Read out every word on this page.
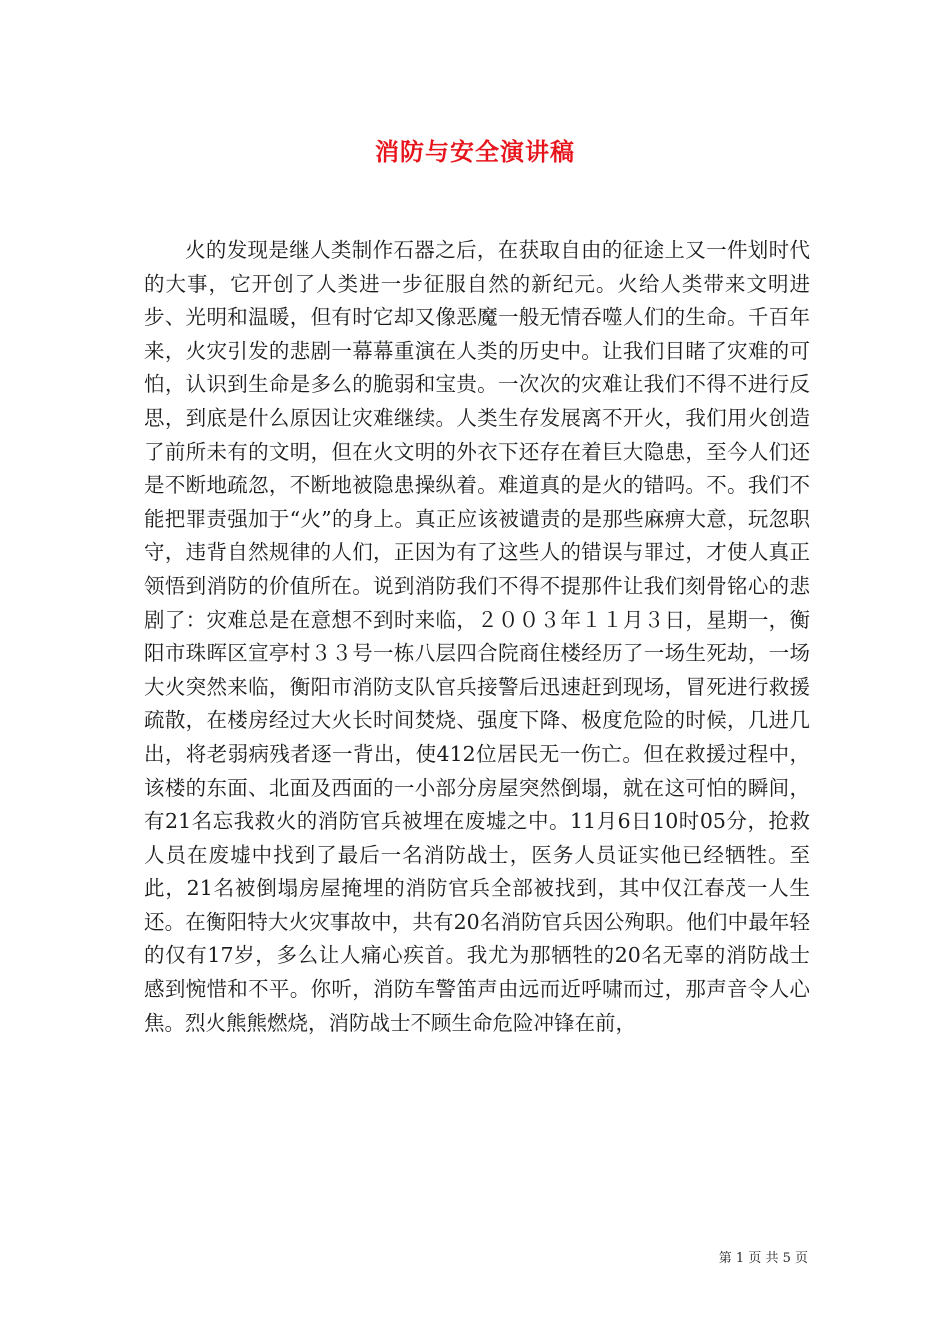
消防与安全演讲稿

火的发现是继人类制作石器之后，在获取自由的征途上又一件划时代的大事，它开创了人类进一步征服自然的新纪元。火给人类带来文明进步、光明和温暖，但有时它却又像恶魔一般无情吞噬人们的生命。千百年来，火灾引发的悲剧一幕幕重演在人类的历史中。让我们目睹了灾难的可怕，认识到生命是多么的脆弱和宝贵。一次次的灾难让我们不得不进行反思，到底是什么原因让灾难继续。人类生存发展离不开火，我们用火创造了前所未有的文明，但在火文明的外衣下还存在着巨大隐患，至今人们还是不断地疏忽，不断地被隐患操纵着。难道真的是火的错吗。不。我们不能把罪责强加于“火”的身上。真正应该被谴责的是那些麻痹大意，玩忽职守，违背自然规律的人们，正因为有了这些人的错误与罪过，才使人真正领悟到消防的价值所在。说到消防我们不得不提那件让我们刻骨铭心的悲剧了：灾难总是在意想不到时来临，２００３年１１月３日，星期一，衡阳市珠晖区宣亭村３３号一栋八层四合院商住楼经历了一场生死劫，一场大火突然来临，衡阳市消防支队官兵接警后迅速赶到现场，冒死进行救援疏散，在楼房经过大火长时间焚烧、强度下降、极度危险的时候，几进几出，将老弱病残者逐一背出，使412位居民无一伤亡。但在救援过程中，该楼的东面、北面及西面的一小部分房屋突然倒塌，就在这可怕的瞬间，有21名忘我救火的消防官兵被埋在废墟之中。11月6日10时05分，抢救人员在废墟中找到了最后一名消防战士，医务人员证实他已经牺牲。至此，21名被倒塌房屋掩埋的消防官兵全部被找到，其中仅江春茂一人生还。在衡阳特大火灾事故中，共有20名消防官兵因公殉职。他们中最年轻的仅有17岁，多么让人痛心疾首。我尤为那牺牲的20名无辜的消防战士感到惋惜和不平。你听，消防车警笛声由远而近呼啸而过，那声音令人心焦。烈火熊熊燃烧，消防战士不顾生命危险冲锋在前，

第 1 页 共 5 页
